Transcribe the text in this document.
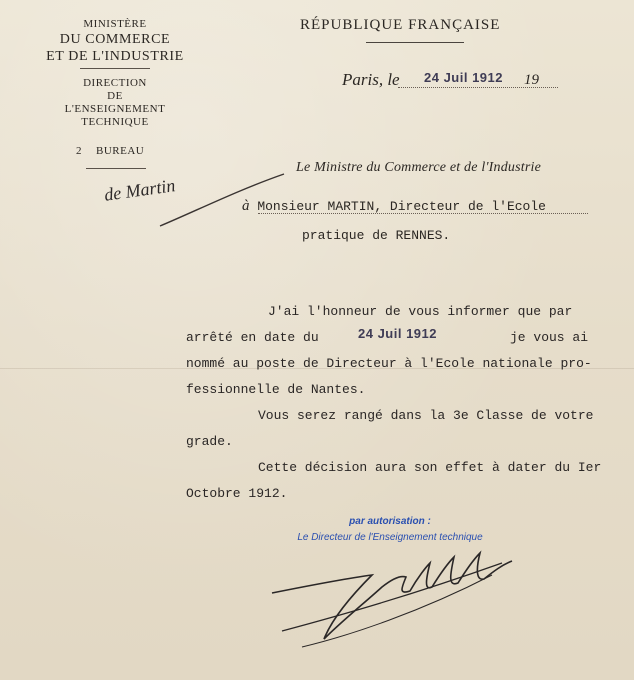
MINISTÈRE
DU COMMERCE
ET DE L'INDUSTRIE
DIRECTION
DE
L'ENSEIGNEMENT TECHNIQUE
2 BUREAU
RÉPUBLIQUE FRANÇAISE
Paris, le 24 Juil 1912 19
de Martin
Le Ministre du Commerce et de l'Industrie
à Monsieur MARTIN, Directeur de l'Ecole
pratique de RENNES.
J'ai l'honneur de vous informer que par
arrêté en date du	24 Juil 1912	je vous ai
nommé au poste de Directeur à l'Ecole nationale pro-
fessionnelle de Nantes.
Vous serez rangé dans la 3e Classe de votre
grade.
Cette décision aura son effet à dater du Ier
Octobre 1912.
par autorisation :
Le Directeur de l'Enseignement technique
